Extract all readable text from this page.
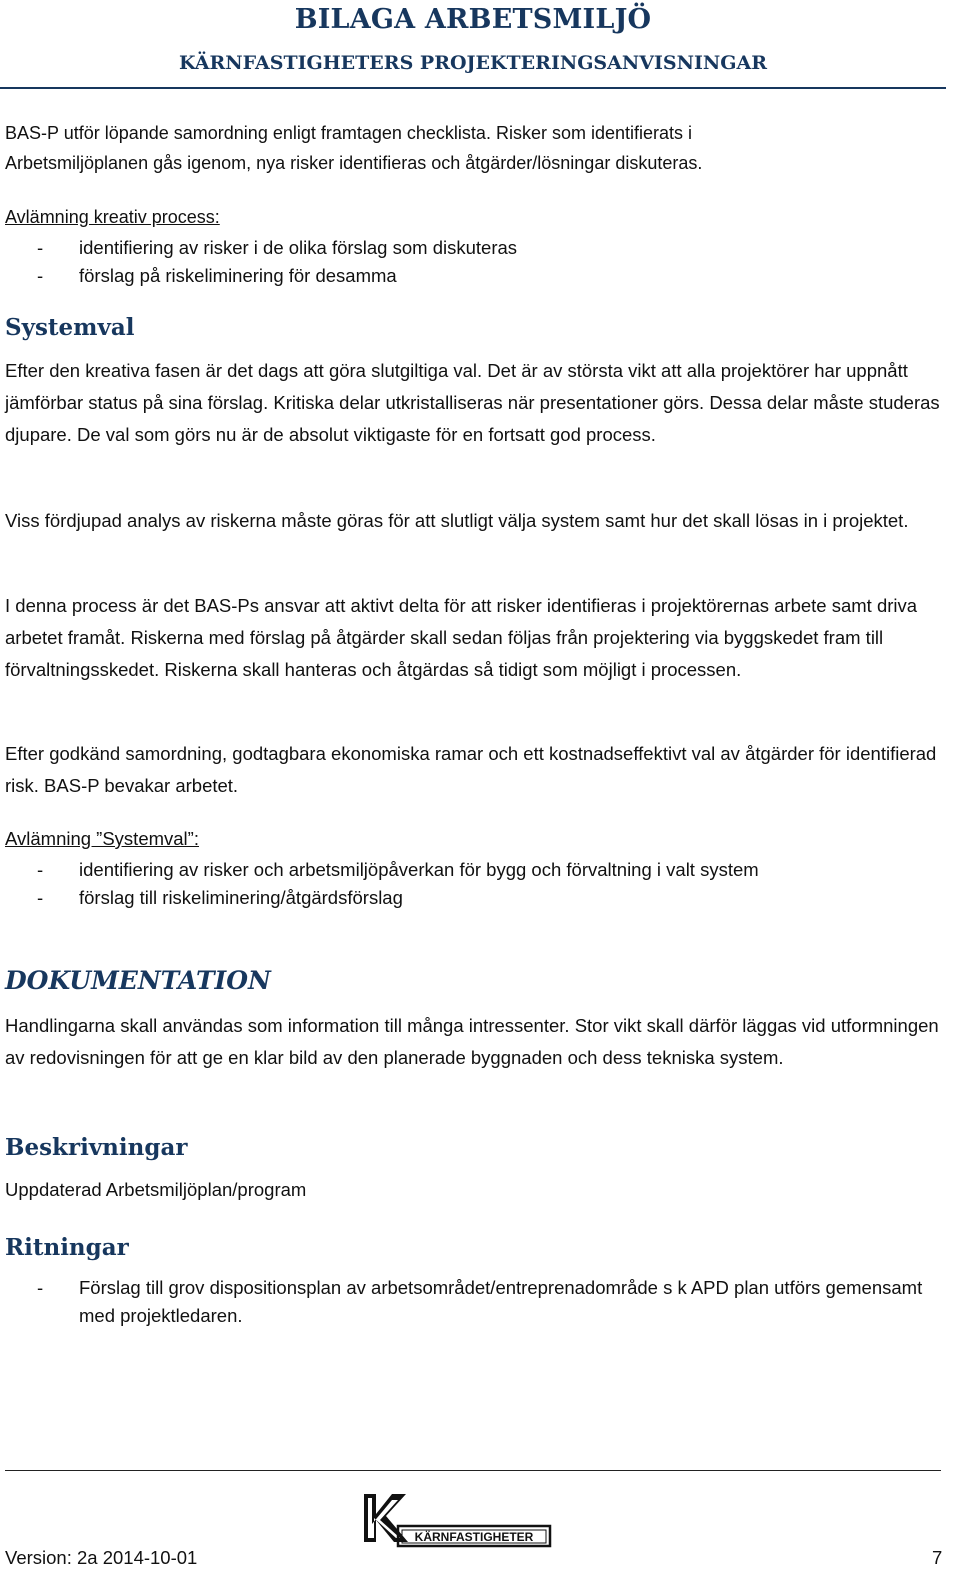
BILAGA ARBETSMILJÖ
KÄRNFASTIGHETERS PROJEKTERINGSANVISNINGAR
BAS-P utför löpande samordning enligt framtagen checklista. Risker som identifierats i
Arbetsmiljöplanen gås igenom, nya risker identifieras och åtgärder/lösningar diskuteras.
Avlämning kreativ process:
- identifiering av risker i de olika förslag som diskuteras
- förslag på riskeliminering för desamma
Systemval
Efter den kreativa fasen är det dags att göra slutgiltiga val. Det är av största vikt att alla projektörer har uppnått jämförbar status på sina förslag. Kritiska delar utkristalliseras när presentationer görs. Dessa delar måste studeras djupare. De val som görs nu är de absolut viktigaste för en fortsatt god process.
Viss fördjupad analys av riskerna måste göras för att slutligt välja system samt hur det skall lösas in i projektet.
I denna process är det BAS-Ps ansvar att aktivt delta för att risker identifieras i projektörernas arbete samt driva arbetet framåt. Riskerna med förslag på åtgärder skall sedan följas från projektering via byggskedet fram till förvaltningsskedet. Riskerna skall hanteras och åtgärdas så tidigt som möjligt i processen.
Efter godkänd samordning, godtagbara ekonomiska ramar och ett kostnadseffektivt val av åtgärder för identifierad risk. BAS-P bevakar arbetet.
Avlämning ”Systemval”:
- identifiering av risker och arbetsmiljöpåverkan för bygg och förvaltning i valt system
- förslag till riskeliminering/åtgärdsförslag
DOKUMENTATION
Handlingarna skall användas som information till många intressenter. Stor vikt skall därför läggas vid utformningen av redovisningen för att ge en klar bild av den planerade byggnaden och dess tekniska system.
Beskrivningar
Uppdaterad Arbetsmiljöplan/program
Ritningar
- Förslag till grov dispositionsplan av arbetsområdet/entreprenadområde s k APD plan utförs gemensamt med projektledaren.
KÄRNFASTIGHETER
Version: 2a 2014-10-01	7
